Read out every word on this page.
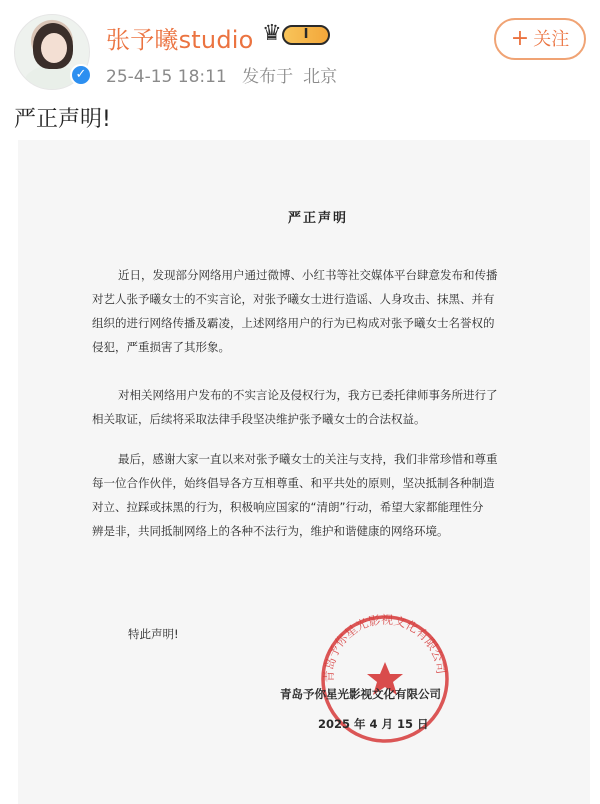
✓
张予曦studio	I
♛
25-4-15 18:11 发布于 北京
+ 关注
严正声明!
严正声明
近日，发现部分网络用户通过微博、小红书等社交媒体平台肆意发布和传播
对艺人张予曦女士的不实言论，对张予曦女士进行造谣、人身攻击、抹黑、并有
组织的进行网络传播及霸凌，上述网络用户的行为已构成对张予曦女士名誉权的
侵犯，严重损害了其形象。
对相关网络用户发布的不实言论及侵权行为，我方已委托律师事务所进行了
相关取证，后续将采取法律手段坚决维护张予曦女士的合法权益。
最后，感谢大家一直以来对张予曦女士的关注与支持，我们非常珍惜和尊重
每一位合作伙伴，始终倡导各方互相尊重、和平共处的原则，坚决抵制各种制造
对立、拉踩或抹黑的行为，积极响应国家的“清朗”行动，希望大家都能理性分
辨是非，共同抵制网络上的各种不法行为，维护和谐健康的网络环境。
特此声明!
青岛予你星光影视文化有限公司
青岛予你星光影视文化有限公司
2025 年 4 月 15 日
